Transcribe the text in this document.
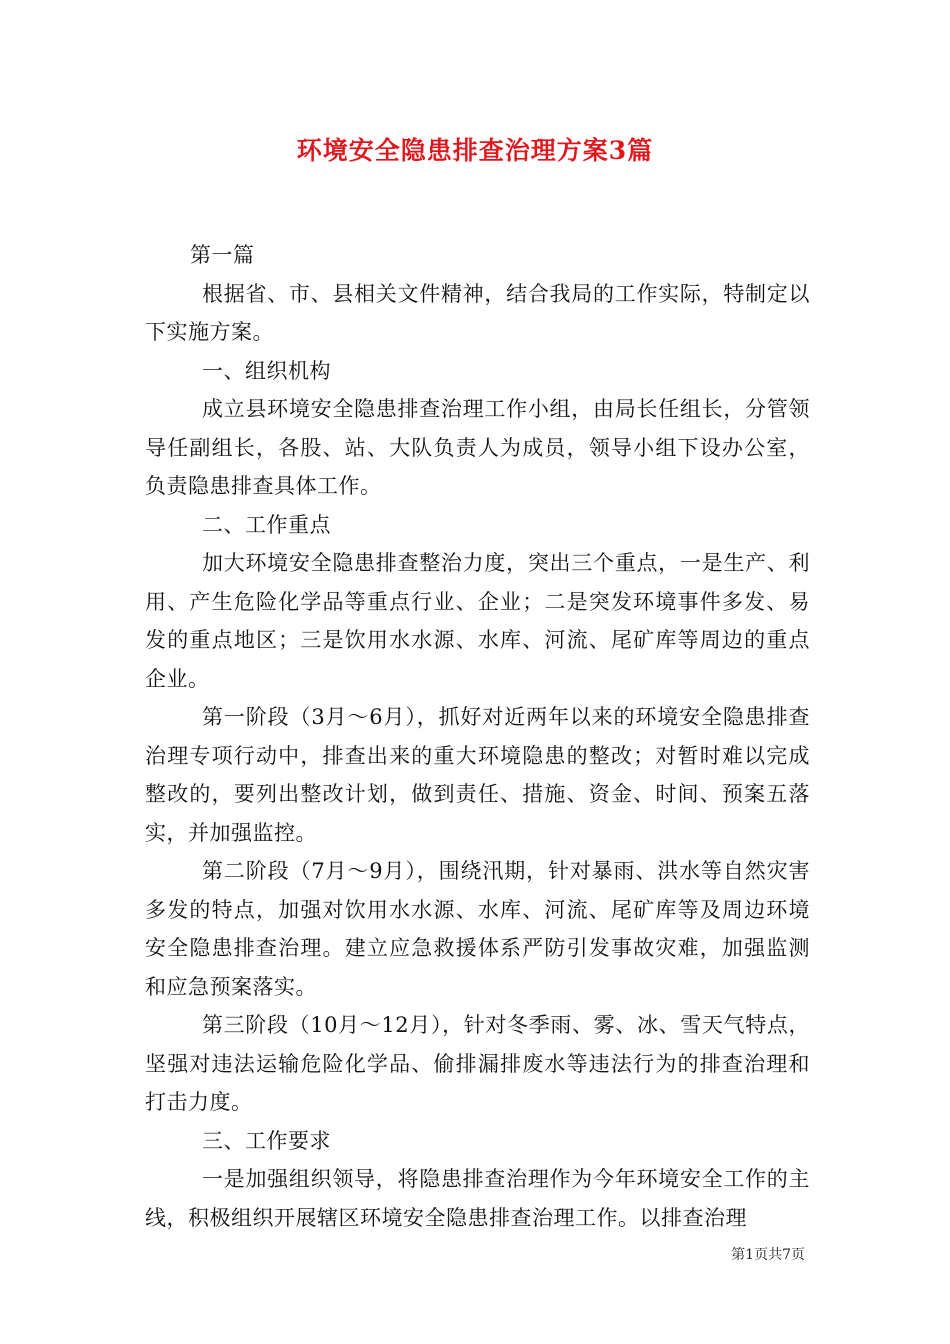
环境安全隐患排查治理方案3篇

第一篇

根据省、市、县相关文件精神，结合我局的工作实际，特制定以下实施方案。

一、组织机构

成立县环境安全隐患排查治理工作小组，由局长任组长，分管领导任副组长，各股、站、大队负责人为成员，领导小组下设办公室，负责隐患排查具体工作。

二、工作重点

加大环境安全隐患排查整治力度，突出三个重点，一是生产、利用、产生危险化学品等重点行业、企业；二是突发环境事件多发、易发的重点地区；三是饮用水水源、水库、河流、尾矿库等周边的重点企业。

第一阶段（3月～6月），抓好对近两年以来的环境安全隐患排查治理专项行动中，排查出来的重大环境隐患的整改；对暂时难以完成整改的，要列出整改计划，做到责任、措施、资金、时间、预案五落实，并加强监控。

第二阶段（7月～9月），围绕汛期，针对暴雨、洪水等自然灾害多发的特点，加强对饮用水水源、水库、河流、尾矿库等及周边环境安全隐患排查治理。建立应急救援体系严防引发事故灾难，加强监测和应急预案落实。

第三阶段（10月～12月），针对冬季雨、雾、冰、雪天气特点，坚强对违法运输危险化学品、偷排漏排废水等违法行为的排查治理和打击力度。

三、工作要求

一是加强组织领导，将隐患排查治理作为今年环境安全工作的主线，积极组织开展辖区环境安全隐患排查治理工作。以排查治理

第1页共7页
